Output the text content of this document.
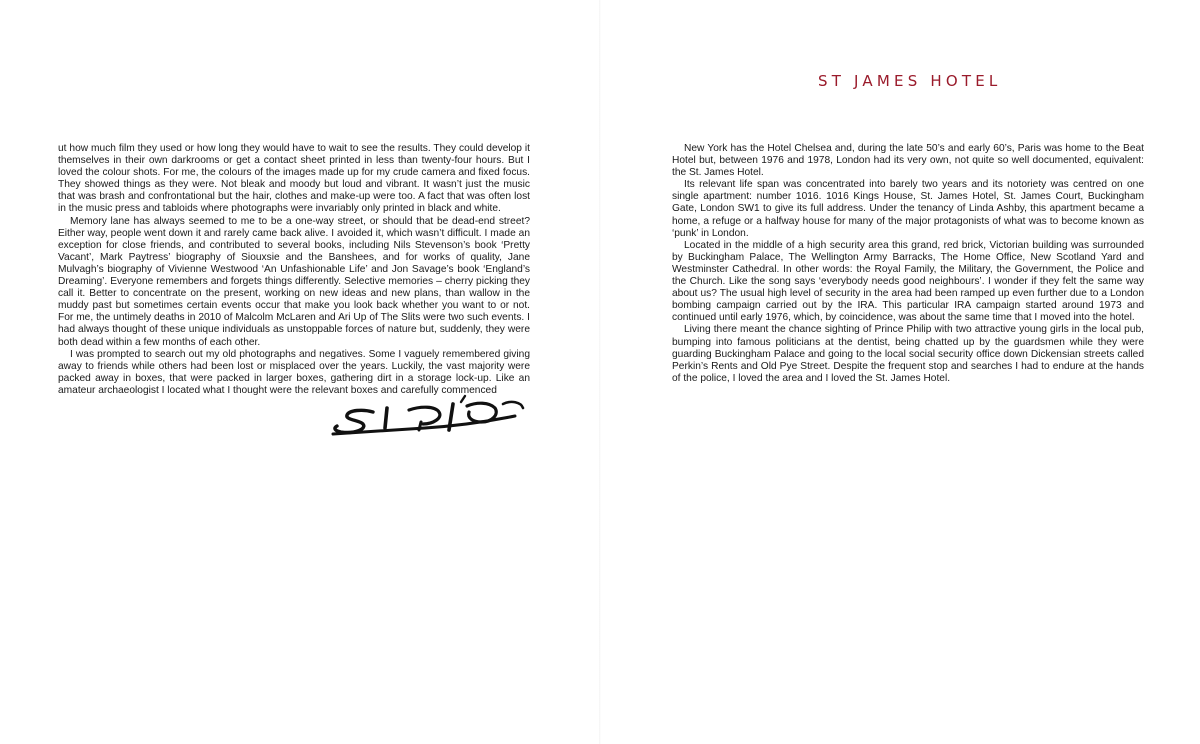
ut how much film they used or how long they would have to wait to see the results. They could develop it themselves in their own darkrooms or get a contact sheet printed in less than twenty-four hours. But I loved the colour shots. For me, the colours of the images made up for my crude camera and fixed focus. They showed things as they were. Not bleak and moody but loud and vibrant. It wasn’t just the music that was brash and confrontational but the hair, clothes and make-up were too. A fact that was often lost in the music press and tabloids where photographs were invariably only printed in black and white.

Memory lane has always seemed to me to be a one-way street, or should that be dead-end street? Either way, people went down it and rarely came back alive. I avoided it, which wasn’t difficult. I made an exception for close friends, and contributed to several books, including Nils Stevenson’s book ‘Pretty Vacant’, Mark Paytress’ biography of Siouxsie and the Banshees, and for works of quality, Jane Mulvagh’s biography of Vivienne Westwood ‘An Unfashionable Life’ and Jon Savage’s book ‘England’s Dreaming’. Everyone remembers and forgets things differently. Selective memories – cherry picking they call it. Better to concentrate on the present, working on new ideas and new plans, than wallow in the muddy past but sometimes certain events occur that make you look back whether you want to or not. For me, the untimely deaths in 2010 of Malcolm McLaren and Ari Up of The Slits were two such events. I had always thought of these unique individuals as unstoppable forces of nature but, suddenly, they were both dead within a few months of each other.

I was prompted to search out my old photographs and negatives. Some I vaguely remembered giving away to friends while others had been lost or misplaced over the years. Luckily, the vast majority were packed away in boxes, that were packed in larger boxes, gathering dirt in a storage lock-up. Like an amateur archaeologist I located what I thought were the relevant boxes and carefully commenced

ST JAMES HOTEL

New York has the Hotel Chelsea and, during the late 50’s and early 60’s, Paris was home to the Beat Hotel but, between 1976 and 1978, London had its very own, not quite so well documented, equivalent: the St. James Hotel.

Its relevant life span was concentrated into barely two years and its notoriety was centred on one single apartment: number 1016. 1016 Kings House, St. James Hotel, St. James Court, Buckingham Gate, London SW1 to give its full address. Under the tenancy of Linda Ashby, this apartment became a home, a refuge or a halfway house for many of the major protagonists of what was to become known as ‘punk’ in London.

Located in the middle of a high security area this grand, red brick, Victorian building was surrounded by Buckingham Palace, The Wellington Army Barracks, The Home Office, New Scotland Yard and Westminster Cathedral. In other words: the Royal Family, the Military, the Government, the Police and the Church. Like the song says ‘everybody needs good neighbours’. I wonder if they felt the same way about us? The usual high level of security in the area had been ramped up even further due to a London bombing campaign carried out by the IRA. This particular IRA campaign started around 1973 and continued until early 1976, which, by coincidence, was about the same time that I moved into the hotel.

Living there meant the chance sighting of Prince Philip with two attractive young girls in the local pub, bumping into famous politicians at the dentist, being chatted up by the guardsmen while they were guarding Buckingham Palace and going to the local social security office down Dickensian streets called Perkin’s Rents and Old Pye Street. Despite the frequent stop and searches I had to endure at the hands of the police, I loved the area and I loved the St. James Hotel.
